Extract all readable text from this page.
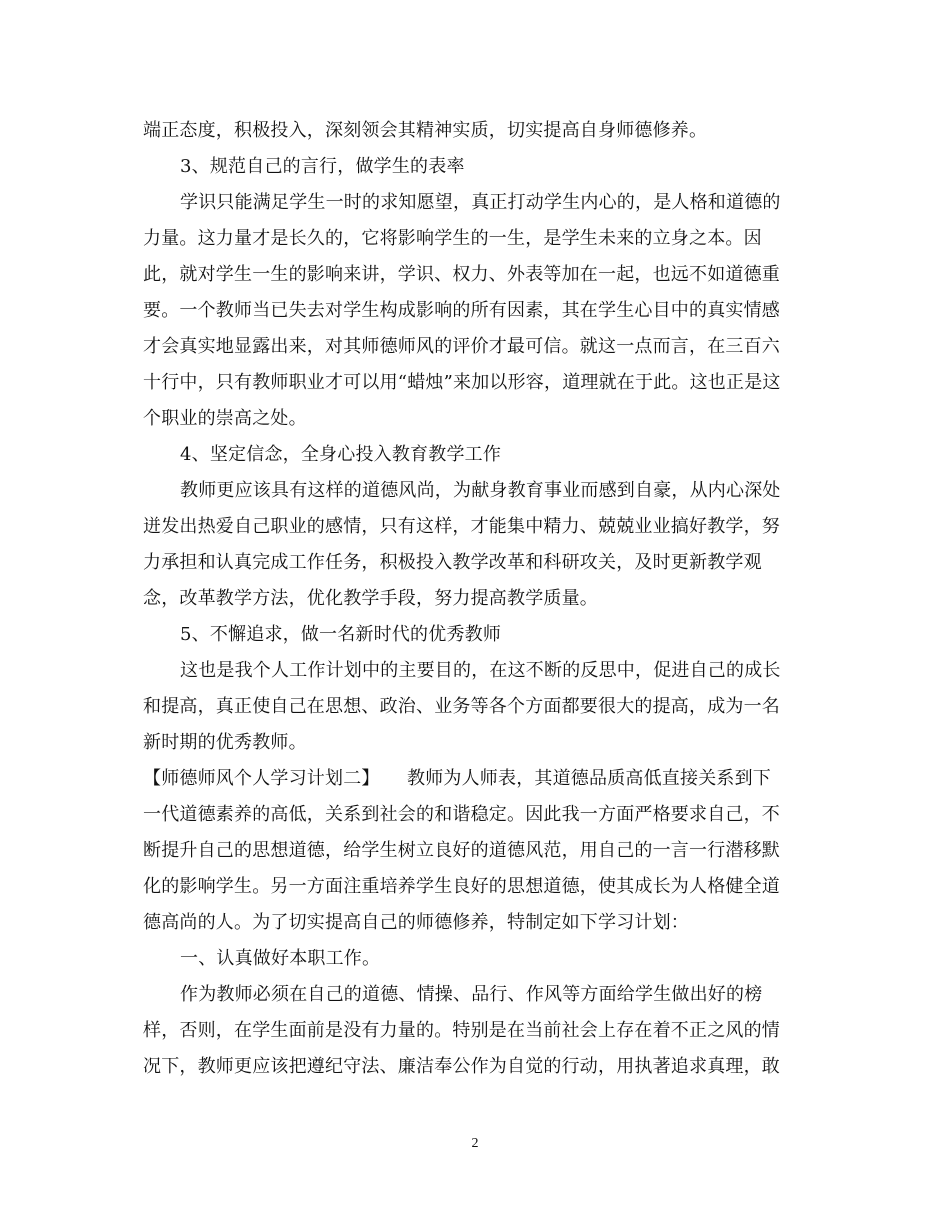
端正态度，积极投入，深刻领会其精神实质，切实提高自身师德修养。
3、规范自己的言行，做学生的表率
学识只能满足学生一时的求知愿望，真正打动学生内心的，是人格和道德的
力量。这力量才是长久的，它将影响学生的一生，是学生未来的立身之本。因
此，就对学生一生的影响来讲，学识、权力、外表等加在一起，也远不如道德重
要。一个教师当已失去对学生构成影响的所有因素，其在学生心目中的真实情感
才会真实地显露出来，对其师德师风的评价才最可信。就这一点而言，在三百六
十行中，只有教师职业才可以用“蜡烛”来加以形容，道理就在于此。这也正是这
个职业的崇高之处。
4、坚定信念，全身心投入教育教学工作
教师更应该具有这样的道德风尚，为献身教育事业而感到自豪，从内心深处
迸发出热爱自己职业的感情，只有这样，才能集中精力、兢兢业业搞好教学，努
力承担和认真完成工作任务，积极投入教学改革和科研攻关，及时更新教学观
念，改革教学方法，优化教学手段，努力提高教学质量。
5、不懈追求，做一名新时代的优秀教师
这也是我个人工作计划中的主要目的，在这不断的反思中，促进自己的成长
和提高，真正使自己在思想、政治、业务等各个方面都要很大的提高，成为一名
新时期的优秀教师。
【师德师风个人学习计划二】　　教师为人师表，其道德品质高低直接关系到下
一代道德素养的高低，关系到社会的和谐稳定。因此我一方面严格要求自己，不
断提升自己的思想道德，给学生树立良好的道德风范，用自己的一言一行潜移默
化的影响学生。另一方面注重培养学生良好的思想道德，使其成长为人格健全道
德高尚的人。为了切实提高自己的师德修养，特制定如下学习计划：
一、认真做好本职工作。
作为教师必须在自己的道德、情操、品行、作风等方面给学生做出好的榜
样，否则，在学生面前是没有力量的。特别是在当前社会上存在着不正之风的情
况下，教师更应该把遵纪守法、廉洁奉公作为自觉的行动，用执著追求真理，敢
2
